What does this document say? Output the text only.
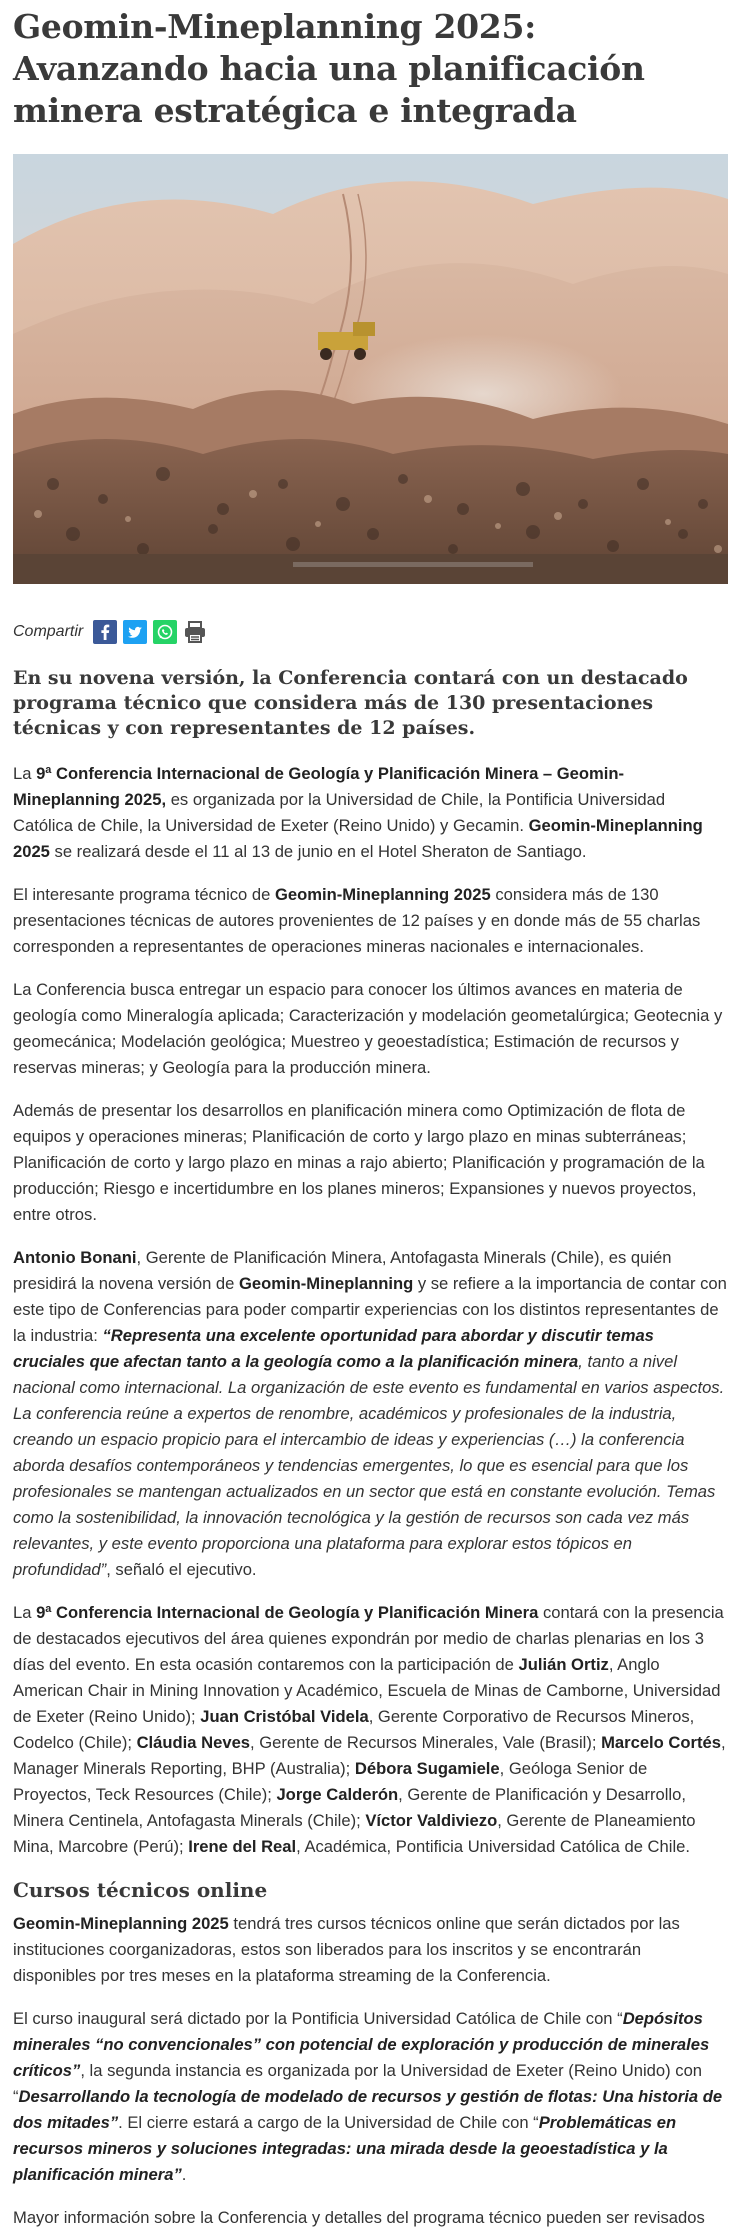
Geomin-Mineplanning 2025: Avanzando hacia una planificación minera estratégica e integrada
Compartir
En su novena versión, la Conferencia contará con un destacado programa técnico que considera más de 130 presentaciones técnicas y con representantes de 12 países.

La 9ª Conferencia Internacional de Geología y Planificación Minera – Geomin-Mineplanning 2025, es organizada por la Universidad de Chile, la Pontificia Universidad Católica de Chile, la Universidad de Exeter (Reino Unido) y Gecamin. Geomin-Mineplanning 2025 se realizará desde el 11 al 13 de junio en el Hotel Sheraton de Santiago.

El interesante programa técnico de Geomin-Mineplanning 2025 considera más de 130 presentaciones técnicas de autores provenientes de 12 países y en donde más de 55 charlas corresponden a representantes de operaciones mineras nacionales e internacionales.

La Conferencia busca entregar un espacio para conocer los últimos avances en materia de geología como Mineralogía aplicada; Caracterización y modelación geometalúrgica; Geotecnia y geomecánica; Modelación geológica; Muestreo y geoestadística; Estimación de recursos y reservas mineras; y Geología para la producción minera.

Además de presentar los desarrollos en planificación minera como Optimización de flota de equipos y operaciones mineras; Planificación de corto y largo plazo en minas subterráneas; Planificación de corto y largo plazo en minas a rajo abierto; Planificación y programación de la producción; Riesgo e incertidumbre en los planes mineros; Expansiones y nuevos proyectos, entre otros.

Antonio Bonani, Gerente de Planificación Minera, Antofagasta Minerals (Chile), es quién presidirá la novena versión de Geomin-Mineplanning y se refiere a la importancia de contar con este tipo de Conferencias para poder compartir experiencias con los distintos representantes de la industria: “Representa una excelente oportunidad para abordar y discutir temas cruciales que afectan tanto a la geología como a la planificación minera, tanto a nivel nacional como internacional. La organización de este evento es fundamental en varios aspectos. La conferencia reúne a expertos de renombre, académicos y profesionales de la industria, creando un espacio propicio para el intercambio de ideas y experiencias (…) la conferencia aborda desafíos contemporáneos y tendencias emergentes, lo que es esencial para que los profesionales se mantengan actualizados en un sector que está en constante evolución. Temas como la sostenibilidad, la innovación tecnológica y la gestión de recursos son cada vez más relevantes, y este evento proporciona una plataforma para explorar estos tópicos en profundidad”, señaló el ejecutivo.

La 9ª Conferencia Internacional de Geología y Planificación Minera contará con la presencia de destacados ejecutivos del área quienes expondrán por medio de charlas plenarias en los 3 días del evento. En esta ocasión contaremos con la participación de Julián Ortiz, Anglo American Chair in Mining Innovation y Académico, Escuela de Minas de Camborne, Universidad de Exeter (Reino Unido); Juan Cristóbal Videla, Gerente Corporativo de Recursos Mineros, Codelco (Chile); Cláudia Neves, Gerente de Recursos Minerales, Vale (Brasil); Marcelo Cortés, Manager Minerals Reporting, BHP (Australia); Débora Sugamiele, Geóloga Senior de Proyectos, Teck Resources (Chile); Jorge Calderón, Gerente de Planificación y Desarrollo, Minera Centinela, Antofagasta Minerals (Chile); Víctor Valdiviezo, Gerente de Planeamiento Mina, Marcobre (Perú); Irene del Real, Académica, Pontificia Universidad Católica de Chile.

Cursos técnicos online

Geomin-Mineplanning 2025 tendrá tres cursos técnicos online que serán dictados por las instituciones coorganizadoras, estos son liberados para los inscritos y se encontrarán disponibles por tres meses en la plataforma streaming de la Conferencia.

El curso inaugural será dictado por la Pontificia Universidad Católica de Chile con “Depósitos minerales “no convencionales” con potencial de exploración y producción de minerales críticos”, la segunda instancia es organizada por la Universidad de Exeter (Reino Unido) con “Desarrollando la tecnología de modelado de recursos y gestión de flotas: Una historia de dos mitades”. El cierre estará a cargo de la Universidad de Chile con “Problemáticas en recursos mineros y soluciones integradas: una mirada desde la geoestadística y la planificación minera”.

Mayor información sobre la Conferencia y detalles del programa técnico pueden ser revisados
